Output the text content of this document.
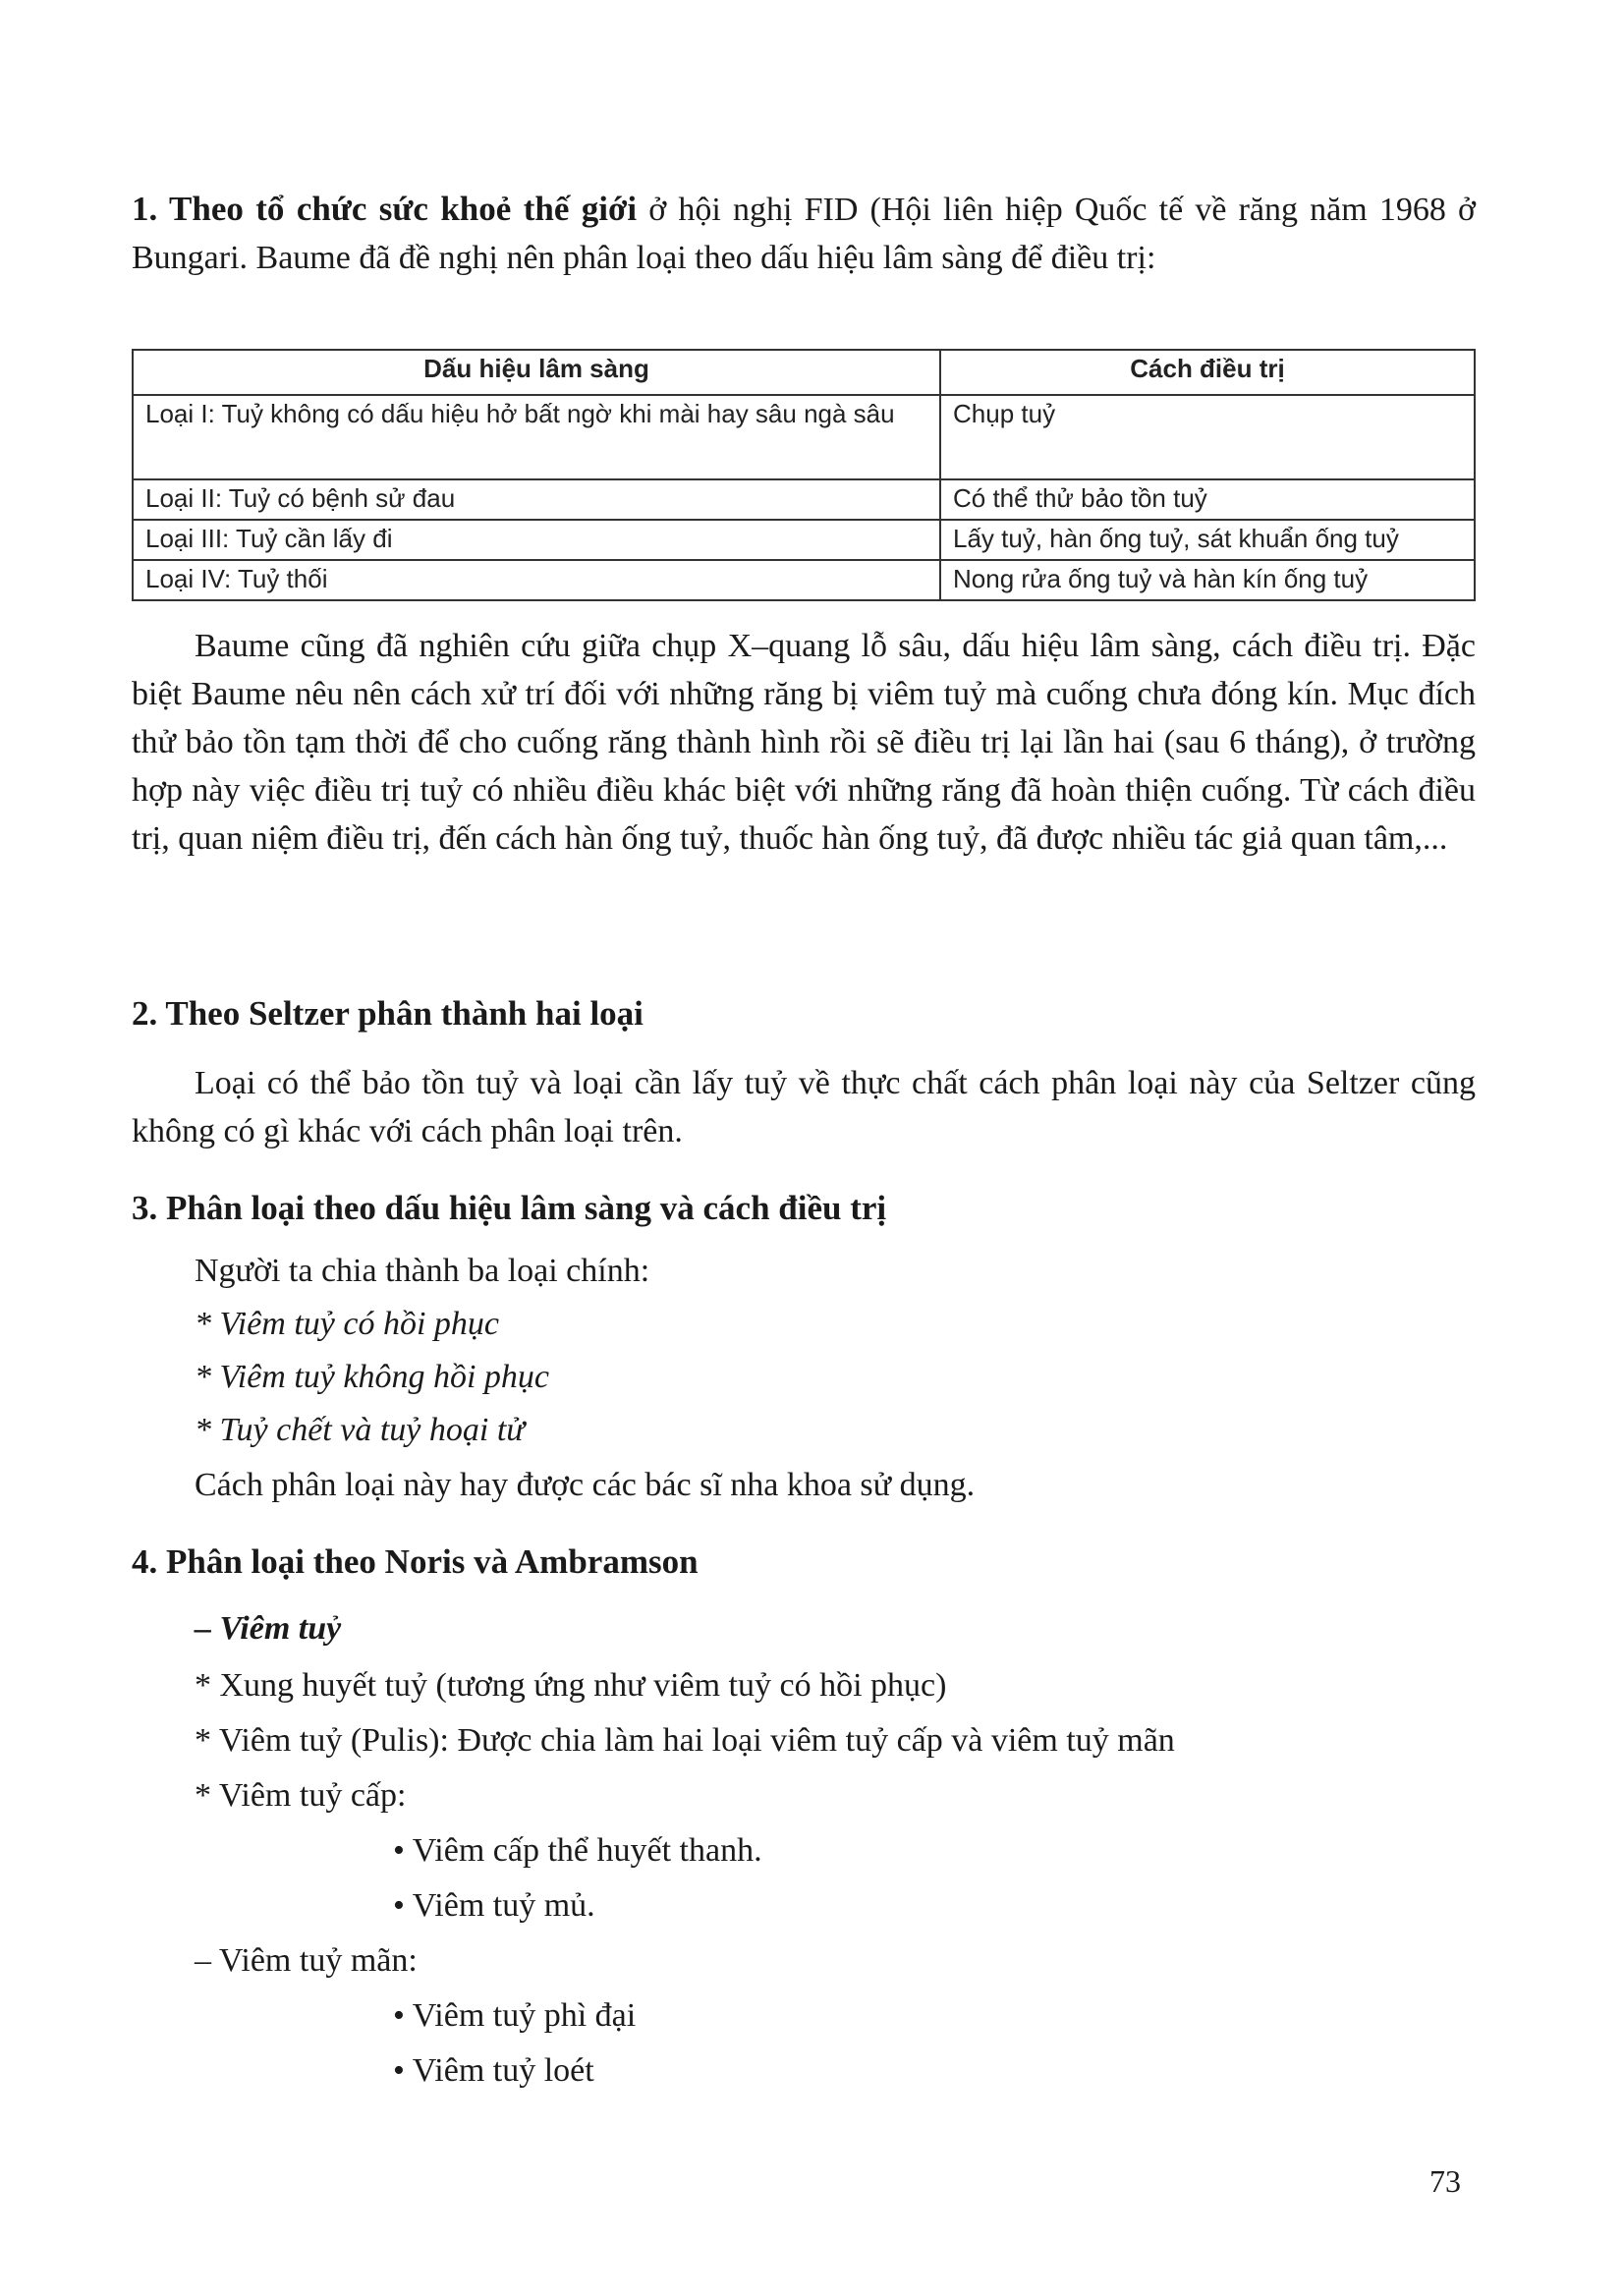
1. Theo tổ chức sức khoẻ thế giới ở hội nghị FID (Hội liên hiệp Quốc tế về răng năm 1968 ở Bungari. Baume đã đề nghị nên phân loại theo dấu hiệu lâm sàng để điều trị:

Dấu hiệu lâm sàng	Cách điều trị
Loại I: Tuỷ không có dấu hiệu hở bất ngờ khi mài hay sâu ngà sâu	Chụp tuỷ
Loại II: Tuỷ có bệnh sử đau	Có thể thử bảo tồn tuỷ
Loại III: Tuỷ cần lấy đi	Lấy tuỷ, hàn ống tuỷ, sát khuẩn ống tuỷ
Loại IV: Tuỷ thối	Nong rửa ống tuỷ và hàn kín ống tuỷ

Baume cũng đã nghiên cứu giữa chụp X–quang lỗ sâu, dấu hiệu lâm sàng, cách điều trị. Đặc biệt Baume nêu nên cách xử trí đối với những răng bị viêm tuỷ mà cuống chưa đóng kín. Mục đích thử bảo tồn tạm thời để cho cuống răng thành hình rồi sẽ điều trị lại lần hai (sau 6 tháng), ở trường hợp này việc điều trị tuỷ có nhiều điều khác biệt với những răng đã hoàn thiện cuống. Từ cách điều trị, quan niệm điều trị, đến cách hàn ống tuỷ, thuốc hàn ống tuỷ, đã được nhiều tác giả quan tâm,...

2. Theo Seltzer phân thành hai loại

Loại có thể bảo tồn tuỷ và loại cần lấy tuỷ về thực chất cách phân loại này của Seltzer cũng không có gì khác với cách phân loại trên.

3. Phân loại theo dấu hiệu lâm sàng và cách điều trị

Người ta chia thành ba loại chính:

* Viêm tuỷ có hồi phục

* Viêm tuỷ không hồi phục

* Tuỷ chết và tuỷ hoại tử

Cách phân loại này hay được các bác sĩ nha khoa sử dụng.

4. Phân loại theo Noris và Ambramson

– Viêm tuỷ

* Xung huyết tuỷ (tương ứng như viêm tuỷ có hồi phục)

* Viêm tuỷ (Pulis): Được chia làm hai loại viêm tuỷ cấp và viêm tuỷ mãn

* Viêm tuỷ cấp:

• Viêm cấp thể huyết thanh.

• Viêm tuỷ mủ.

– Viêm tuỷ mãn:

• Viêm tuỷ phì đại

• Viêm tuỷ loét

73
